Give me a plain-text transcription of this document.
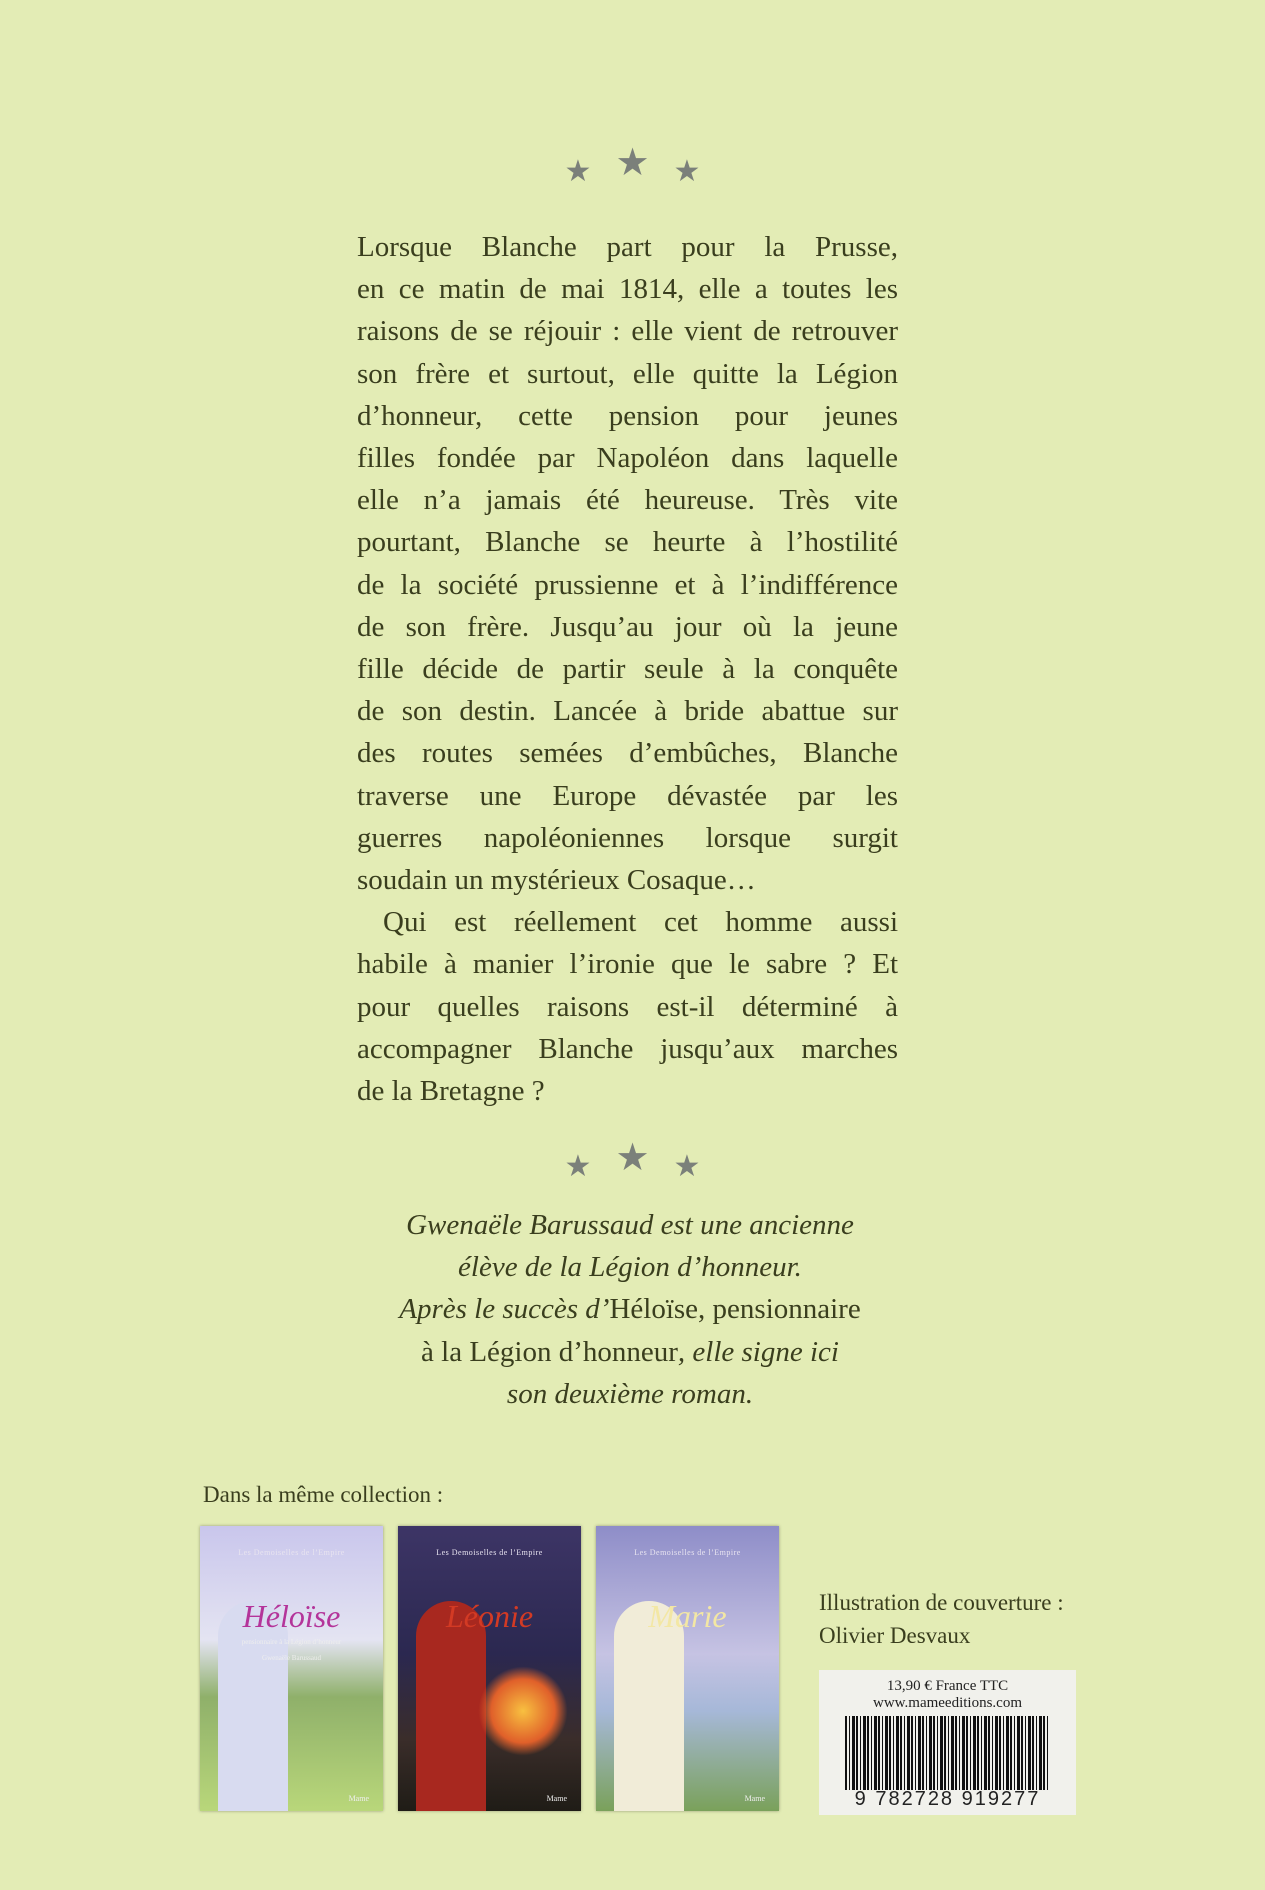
★ ★ ★
Lorsque Blanche part pour la Prusse,
en ce matin de mai 1814, elle a toutes les
raisons de se réjouir : elle vient de retrouver
son frère et surtout, elle quitte la Légion
d’honneur, cette pension pour jeunes
filles fondée par Napoléon dans laquelle
elle n’a jamais été heureuse. Très vite
pourtant, Blanche se heurte à l’hostilité
de la société prussienne et à l’indifférence
de son frère. Jusqu’au jour où la jeune
fille décide de partir seule à la conquête
de son destin. Lancée à bride abattue sur
des routes semées d’embûches, Blanche
traverse une Europe dévastée par les
guerres napoléoniennes lorsque surgit
soudain un mystérieux Cosaque…
Qui est réellement cet homme aussi
habile à manier l’ironie que le sabre ? Et
pour quelles raisons est-il déterminé à
accompagner Blanche jusqu’aux marches
de la Bretagne ?
★ ★ ★
Gwenaële Barussaud est une ancienne
élève de la Légion d’honneur.
Après le succès d’Héloïse, pensionnaire
à la Légion d’honneur, elle signe ici
son deuxième roman.
Dans la même collection :
Les Demoiselles de l’Empire
Héloïse
pensionnaire à la Légion d’honneur
Gwenaële Barussaud
Mame
Les Demoiselles de l’Empire
Léonie
Mame
Les Demoiselles de l’Empire
Marie
Mame
Illustration de couverture :
Olivier Desvaux
13,90 € France TTC
www.mameeditions.com
9 782728 919277
